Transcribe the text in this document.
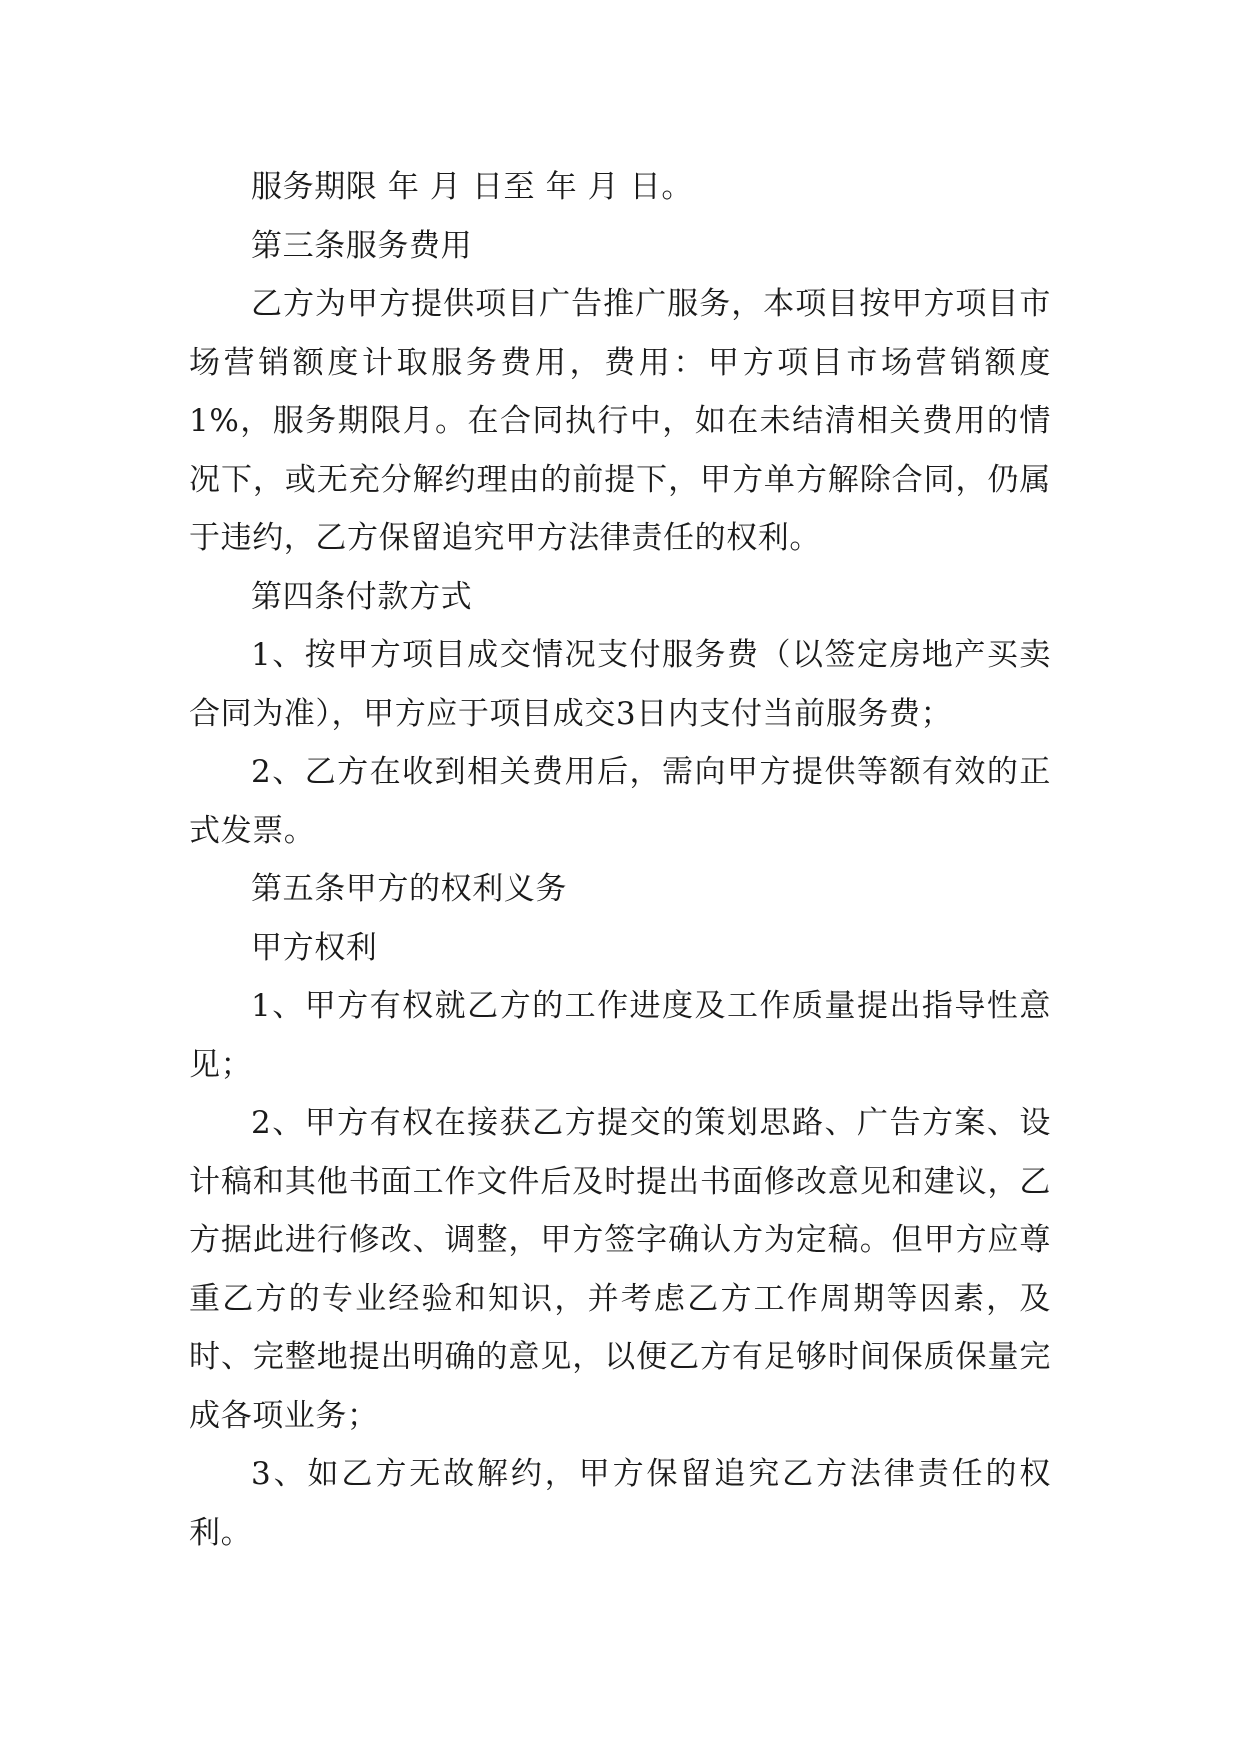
服务期限 年 月 日至 年 月 日。

第三条服务费用

乙方为甲方提供项目广告推广服务，本项目按甲方项目市场营销额度计取服务费用，费用：甲方项目市场营销额度1%，服务期限月。在合同执行中，如在未结清相关费用的情况下，或无充分解约理由的前提下，甲方单方解除合同，仍属于违约，乙方保留追究甲方法律责任的权利。

第四条付款方式

1、按甲方项目成交情况支付服务费（以签定房地产买卖合同为准），甲方应于项目成交3日内支付当前服务费；

2、乙方在收到相关费用后，需向甲方提供等额有效的正式发票。

第五条甲方的权利义务

甲方权利

1、甲方有权就乙方的工作进度及工作质量提出指导性意见；

2、甲方有权在接获乙方提交的策划思路、广告方案、设计稿和其他书面工作文件后及时提出书面修改意见和建议，乙方据此进行修改、调整，甲方签字确认方为定稿。但甲方应尊重乙方的专业经验和知识，并考虑乙方工作周期等因素，及时、完整地提出明确的意见，以便乙方有足够时间保质保量完成各项业务；

3、如乙方无故解约，甲方保留追究乙方法律责任的权利。
